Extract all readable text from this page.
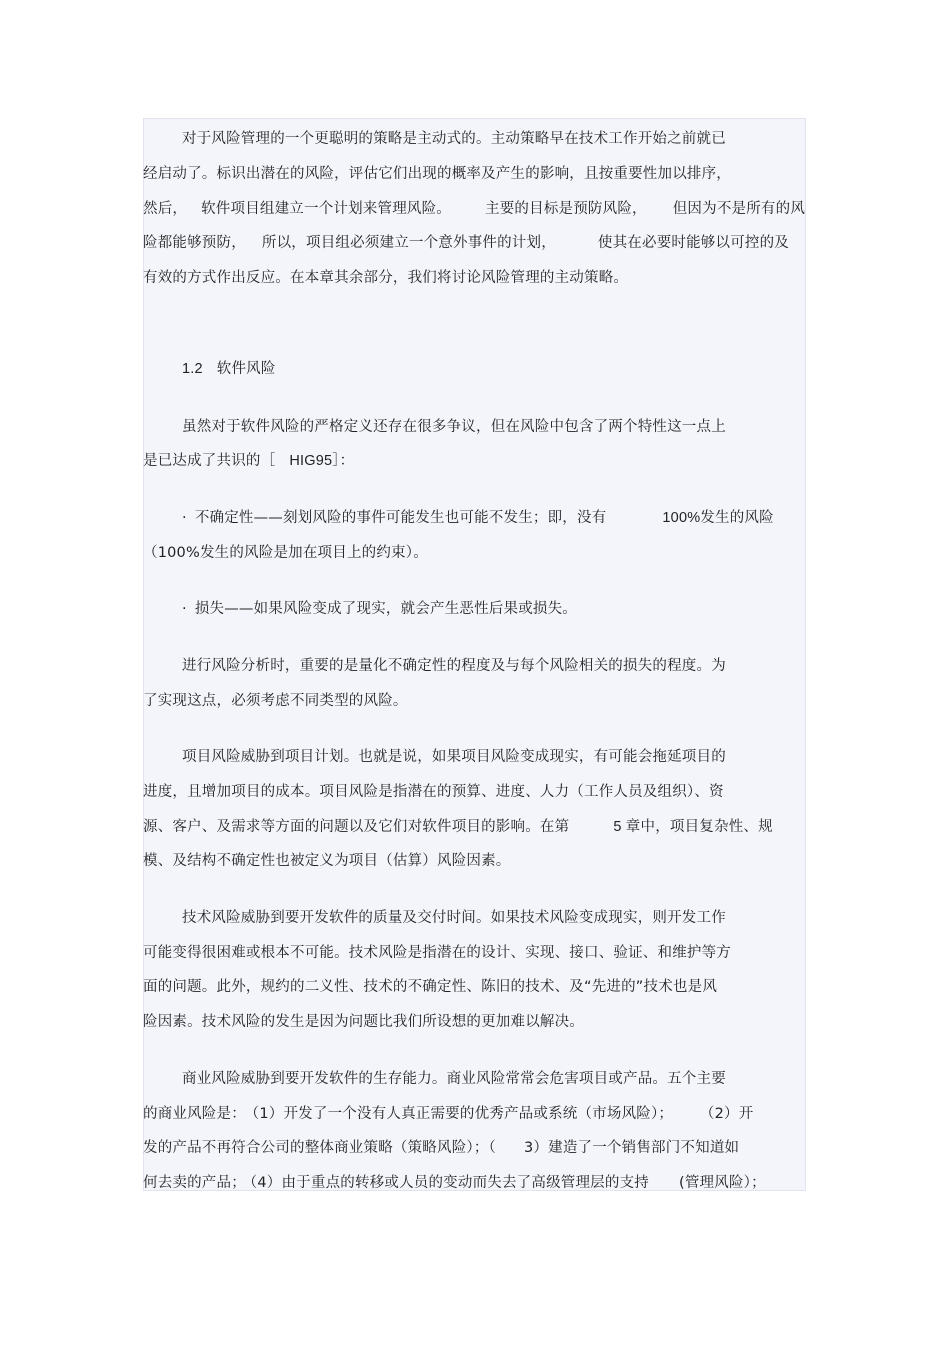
对于风险管理的一个更聪明的策略是主动式的。主动策略早在技术工作开始之前就已
经启动了。标识出潜在的风险，评估它们出现的概率及产生的影响，且按重要性加以排序，
然后， 软件项目组建立一个计划来管理风险。 主要的目标是预防风险， 但因为不是所有的风
险都能够预防， 所以，项目组必须建立一个意外事件的计划，	使其在必要时能够以可控的及
有效的方式作出反应。在本章其余部分，我们将讨论风险管理的主动策略。
1.2 软件风险
虽然对于软件风险的严格定义还存在很多争议，但在风险中包含了两个特性这一点上
是已达成了共识的［ HIG95］：
· 不确定性——刻划风险的事件可能发生也可能不发生；即，没有	100%发生的风险
（100%发生的风险是加在项目上的约束）。
· 损失——如果风险变成了现实，就会产生恶性后果或损失。
进行风险分析时，重要的是量化不确定性的程度及与每个风险相关的损失的程度。为
了实现这点，必须考虑不同类型的风险。
项目风险威胁到项目计划。也就是说，如果项目风险变成现实，有可能会拖延项目的
进度，且增加项目的成本。项目风险是指潜在的预算、进度、人力（工作人员及组织）、资
源、客户、及需求等方面的问题以及它们对软件项目的影响。在第	5 章中，项目复杂性、规
模、及结构不确定性也被定义为项目（估算）风险因素。
技术风险威胁到要开发软件的质量及交付时间。如果技术风险变成现实，则开发工作
可能变得很困难或根本不可能。技术风险是指潜在的设计、实现、接口、验证、和维护等方
面的问题。此外，规约的二义性、技术的不确定性、陈旧的技术、及“先进的”技术也是风
险因素。技术风险的发生是因为问题比我们所设想的更加难以解决。
商业风险威胁到要开发软件的生存能力。商业风险常常会危害项目或产品。五个主要
的商业风险是： （1）开发了一个没有人真正需要的优秀产品或系统（市场风险）； （2）开
发的产品不再符合公司的整体商业策略（策略风险）；（ 3）建造了一个销售部门不知道如
何去卖的产品； （4）由于重点的转移或人员的变动而失去了高级管理层的支持 (管理风险）；
